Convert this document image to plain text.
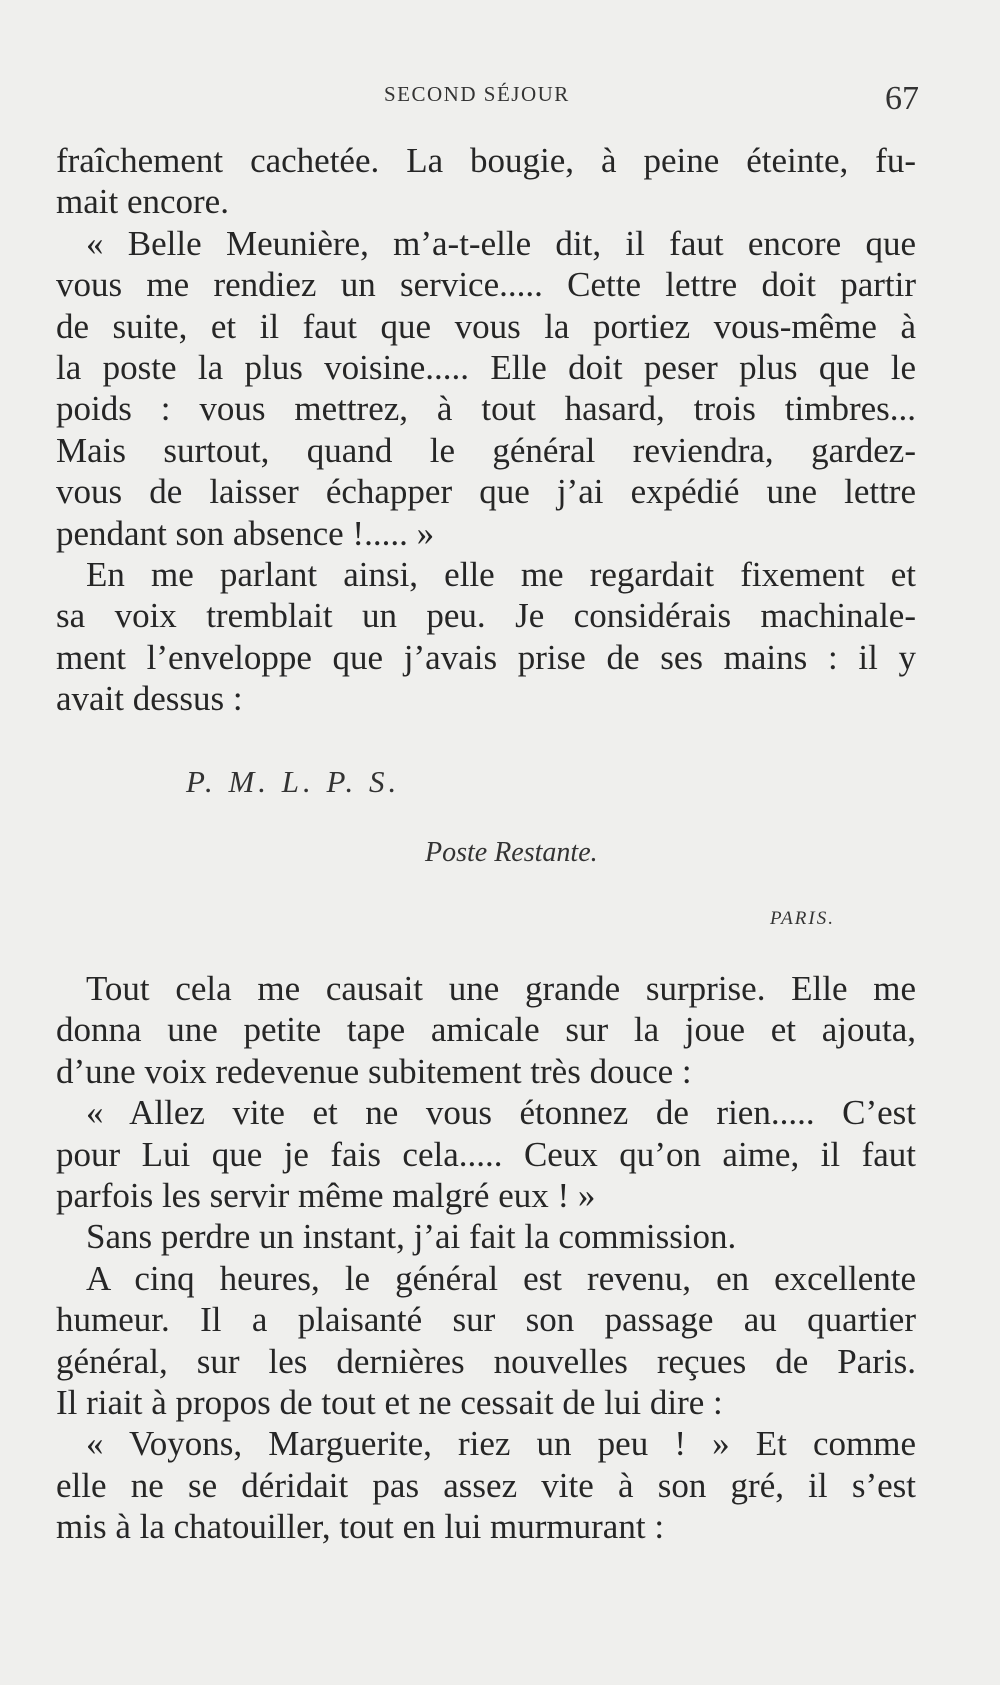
SECOND SÉJOUR	67
fraîchement cachetée. La bougie, à peine éteinte, fu-
mait encore.
« Belle Meunière, m’a-t-elle dit, il faut encore que
vous me rendiez un service..... Cette lettre doit partir
de suite, et il faut que vous la portiez vous-même à
la poste la plus voisine..... Elle doit peser plus que le
poids : vous mettrez, à tout hasard, trois timbres...
Mais surtout, quand le général reviendra, gardez-
vous de laisser échapper que j’ai expédié une lettre
pendant son absence !..... »
En me parlant ainsi, elle me regardait fixement et
sa voix tremblait un peu. Je considérais machinale-
ment l’enveloppe que j’avais prise de ses mains : il y
avait dessus :
P. M. L. P. S.
Poste Restante.
PARIS.
Tout cela me causait une grande surprise. Elle me
donna une petite tape amicale sur la joue et ajouta,
d’une voix redevenue subitement très douce :
« Allez vite et ne vous étonnez de rien..... C’est
pour Lui que je fais cela..... Ceux qu’on aime, il faut
parfois les servir même malgré eux ! »
Sans perdre un instant, j’ai fait la commission.
A cinq heures, le général est revenu, en excellente
humeur. Il a plaisanté sur son passage au quartier
général, sur les dernières nouvelles reçues de Paris.
Il riait à propos de tout et ne cessait de lui dire :
« Voyons, Marguerite, riez un peu ! » Et comme
elle ne se déridait pas assez vite à son gré, il s’est
mis à la chatouiller, tout en lui murmurant :
